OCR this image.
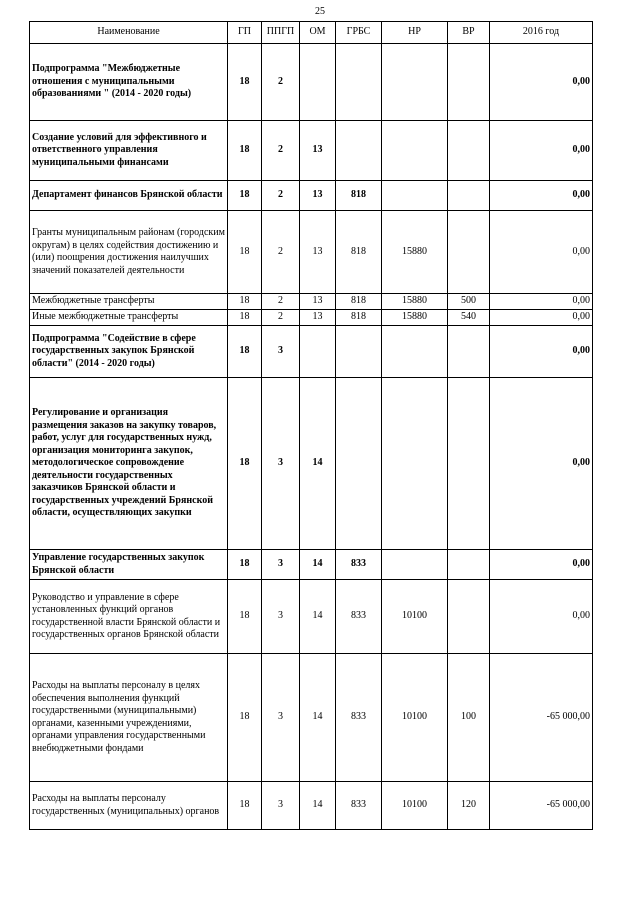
25
Наименование	ГП	ППГП	ОМ	ГРБС	НР	ВР	2016 год
Подпрограмма "Межбюджетные отношения с муниципальными образованиями " (2014 - 2020 годы)	18	2					0,00
Создание условий для эффективного и ответственного управления муниципальными финансами	18	2	13				0,00
Департамент финансов Брянской области	18	2	13	818			0,00
Гранты муниципальным районам (городским округам) в целях содействия достижению и (или) поощрения достижения наилучших значений показателей деятельности	18	2	13	818	15880		0,00
Межбюджетные трансферты	18	2	13	818	15880	500	0,00
Иные межбюджетные трансферты	18	2	13	818	15880	540	0,00
Подпрограмма "Содействие в сфере государственных закупок Брянской области" (2014 - 2020 годы)	18	3					0,00
Регулирование и организация размещения заказов на закупку товаров, работ, услуг для государственных нужд, организация мониторинга закупок, методологическое сопровождение деятельности государственных заказчиков Брянской области и государственных учреждений Брянской области, осуществляющих закупки	18	3	14				0,00
Управление государственных закупок Брянской области	18	3	14	833			0,00
Руководство и управление в сфере установленных функций органов государственной власти Брянской области и государственных органов Брянской области	18	3	14	833	10100		0,00
Расходы на выплаты персоналу в целях обеспечения выполнения функций государственными (муниципальными) органами, казенными учреждениями, органами управления государственными внебюджетными фондами	18	3	14	833	10100	100	-65 000,00
Расходы на выплаты персоналу государственных (муниципальных) органов	18	3	14	833	10100	120	-65 000,00
